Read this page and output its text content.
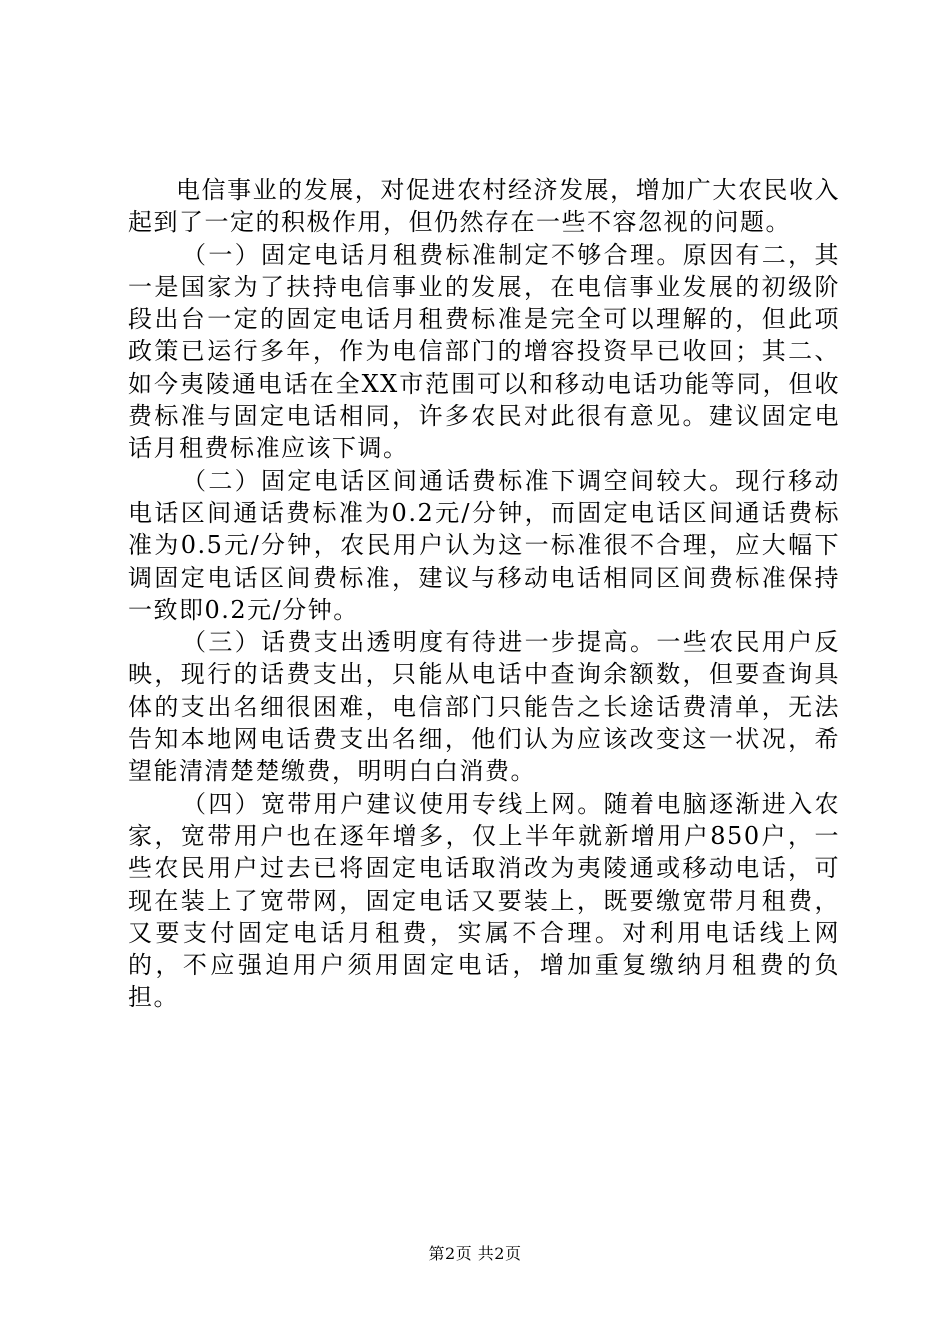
电信事业的发展，对促进农村经济发展，增加广大农民收入起到了一定的积极作用，但仍然存在一些不容忽视的问题。

（一）固定电话月租费标准制定不够合理。原因有二，其一是国家为了扶持电信事业的发展，在电信事业发展的初级阶段出台一定的固定电话月租费标准是完全可以理解的，但此项政策已运行多年，作为电信部门的增容投资早已收回；其二、如今夷陵通电话在全XX市范围可以和移动电话功能等同，但收费标准与固定电话相同，许多农民对此很有意见。建议固定电话月租费标准应该下调。

（二）固定电话区间通话费标准下调空间较大。现行移动电话区间通话费标准为0.2元/分钟，而固定电话区间通话费标准为0.5元/分钟，农民用户认为这一标准很不合理，应大幅下调固定电话区间费标准，建议与移动电话相同区间费标准保持一致即0.2元/分钟。

（三）话费支出透明度有待进一步提高。一些农民用户反映，现行的话费支出，只能从电话中查询余额数，但要查询具体的支出名细很困难，电信部门只能告之长途话费清单，无法告知本地网电话费支出名细，他们认为应该改变这一状况，希望能清清楚楚缴费，明明白白消费。

（四）宽带用户建议使用专线上网。随着电脑逐渐进入农家，宽带用户也在逐年增多，仅上半年就新增用户850户，一些农民用户过去已将固定电话取消改为夷陵通或移动电话，可现在装上了宽带网，固定电话又要装上，既要缴宽带月租费，又要支付固定电话月租费，实属不合理。对利用电话线上网的，不应强迫用户须用固定电话，增加重复缴纳月租费的负担。

第2页 共2页
